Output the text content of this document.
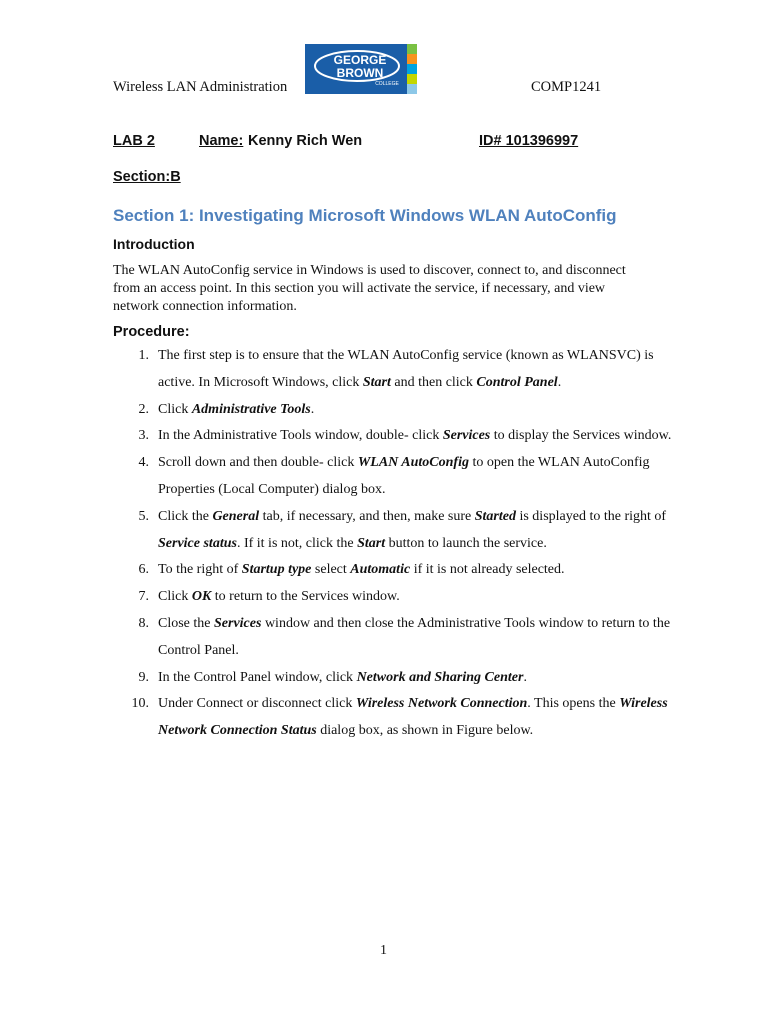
Wireless LAN Administration
GEORGE
BROWN
COLLEGE	COMP1241
LAB 2	Name: Kenny Rich Wen	ID# 101396997
Section:B
Section 1: Investigating Microsoft Windows WLAN AutoConfig
Introduction
The WLAN AutoConfig service in Windows is used to discover, connect to, and disconnect from an access point. In this section you will activate the service, if necessary, and view network connection information.
Procedure:
1. The first step is to ensure that the WLAN AutoConfig service (known as WLANSVC) is active. In Microsoft Windows, click Start and then click Control Panel.
2. Click Administrative Tools.
3. In the Administrative Tools window, double- click Services to display the Services window.
4. Scroll down and then double- click WLAN AutoConfig to open the WLAN AutoConfig Properties (Local Computer) dialog box.
5. Click the General tab, if necessary, and then, make sure Started is displayed to the right of Service status. If it is not, click the Start button to launch the service.
6. To the right of Startup type select Automatic if it is not already selected.
7. Click OK to return to the Services window.
8. Close the Services window and then close the Administrative Tools window to return to the Control Panel.
9. In the Control Panel window, click Network and Sharing Center.
10. Under Connect or disconnect click Wireless Network Connection. This opens the Wireless Network Connection Status dialog box, as shown in Figure below.
1
